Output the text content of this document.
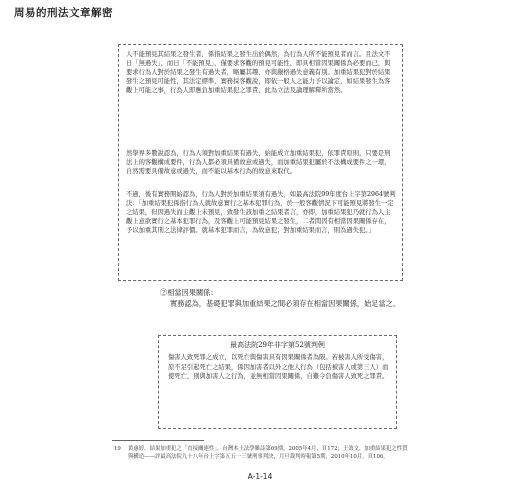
周易的刑法文章解密

人不能預見其結果之發生者，係指結果之發生出於偶然，為行為人所不能預見者而言。且法文不日「無過失」，而日「不能預見」，僅要求客觀的預見可能性，即具相當因果關係為必要而已，與要求行為人對於結果之發生有過失者，略屬其趣，亦與嚴格過失意義有別。加重結果犯對於結果發生之預見可能性，其法定標準，實務採客觀說，即依一般人之能力予以論定，如結果發生為客觀上可能之事，行為人即應負加重結果犯之罪責，此為立法及論理解釋所當然。

然學界多數說認為，行為人須對加重結果有過失，始能成立加重結果犯，依罪責原則，只要是刑法上的客觀構成要件，行為人都必須具備故意或過失，而加重結果犯屬於不法構成要件之一環，自然需要具備故意或過失，而不能以基本行為的故意來取代。

不過，後有實務開始認為，行為人對於加重結果須有過失，如最高法院99年度台上字第2964號判決：「加重結果犯係指行為人就故意實行之基本犯罪行為，於一般客觀情況下可能預見將發生一定之結果，但因過失而主觀上未預見，致發生該加重之結果者言，亦即，加重結果犯乃就行為人主觀上意欲實行之基本犯罪行為，及客觀上可能預見結果之發生，二者間因有相當因果關係存在，予以加重其刑之法律評價。就基本犯罪而言，為故意犯；對加重結果而言，則為過失犯。」

②相當因果關係：
實務認為，基礎犯罪與加重結果之間必須存在相當因果關係，始足當之。
最高法院29年非字第52號判例
傷害人致死罪之成立，以死亡與傷害具有因果關係者為限。若被害人所受傷害，原不足引起死亡之結果，係因加害者以外之他人行為（包括被害人或第三人）而使死亡，則與加害人之行為，並無相當因果關係，自難令負傷害人致死之罪責。
19 黃惠婷，結果加重犯之「直接關連性」，台灣本土法學雜誌第69期，2005年4月，頁172；王效文，加重結果犯之性質與構造——評最高法院九十八年台上字第五五一三號刑事判決，月旦裁判時報第5期，2010年10月，頁106。
A-1-14
